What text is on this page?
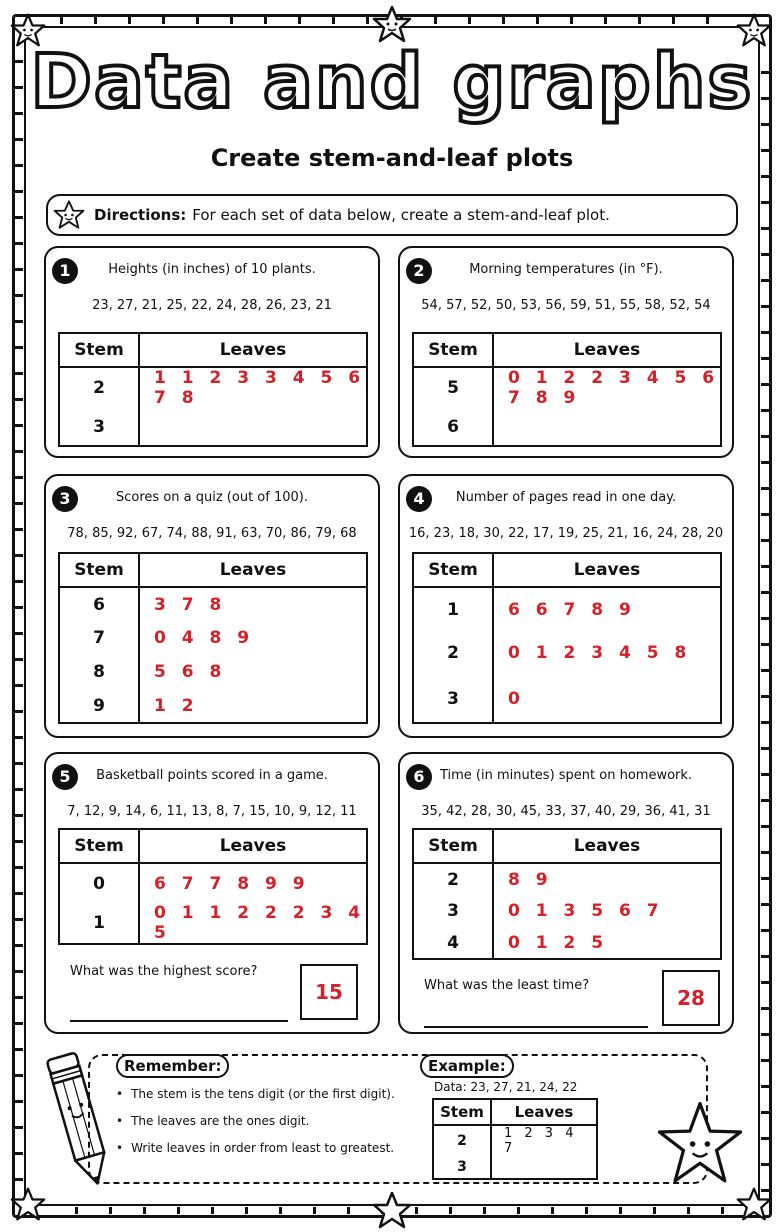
Data and graphs
Create stem-and-leaf plots
Directions: For each set of data below, create a stem-and-leaf plot.
1	Heights (in inches) of 10 plants.
23, 27, 21, 25, 22, 24, 28, 26, 23, 21
Stem	Leaves
2	1 1 2 3 3 4 5 6 7 8
3	
2	Morning temperatures (in °F).
54, 57, 52, 50, 53, 56, 59, 51, 55, 58, 52, 54
Stem	Leaves
5	0 1 2 2 3 4 5 6 7 8 9
6	
3	Scores on a quiz (out of 100).
78, 85, 92, 67, 74, 88, 91, 63, 70, 86, 79, 68
Stem	Leaves
6	3 7 8
7	0 4 8 9
8	5 6 8
9	1 2
4	Number of pages read in one day.
16, 23, 18, 30, 22, 17, 19, 25, 21, 16, 24, 28, 20
Stem	Leaves
1	6 6 7 8 9
2	0 1 2 3 4 5 8
3	0
5	Basketball points scored in a game.
7, 12, 9, 14, 6, 11, 13, 8, 7, 15, 10, 9, 12, 11
Stem	Leaves
0	6 7 7 8 9 9
1	0 1 1 2 2 2 3 4 5
What was the highest score?
15
6	Time (in minutes) spent on homework.
35, 42, 28, 30, 45, 33, 37, 40, 29, 36, 41, 31
Stem	Leaves
2	8 9
3	0 1 3 5 6 7
4	0 1 2 5
What was the least time?
28
Remember:
• The stem is the tens digit (or the first digit).
• The leaves are the ones digit.
• Write leaves in order from least to greatest.
Example:
Data: 23, 27, 21, 24, 22
Stem	Leaves
2	1 2 3 4 7
3	
